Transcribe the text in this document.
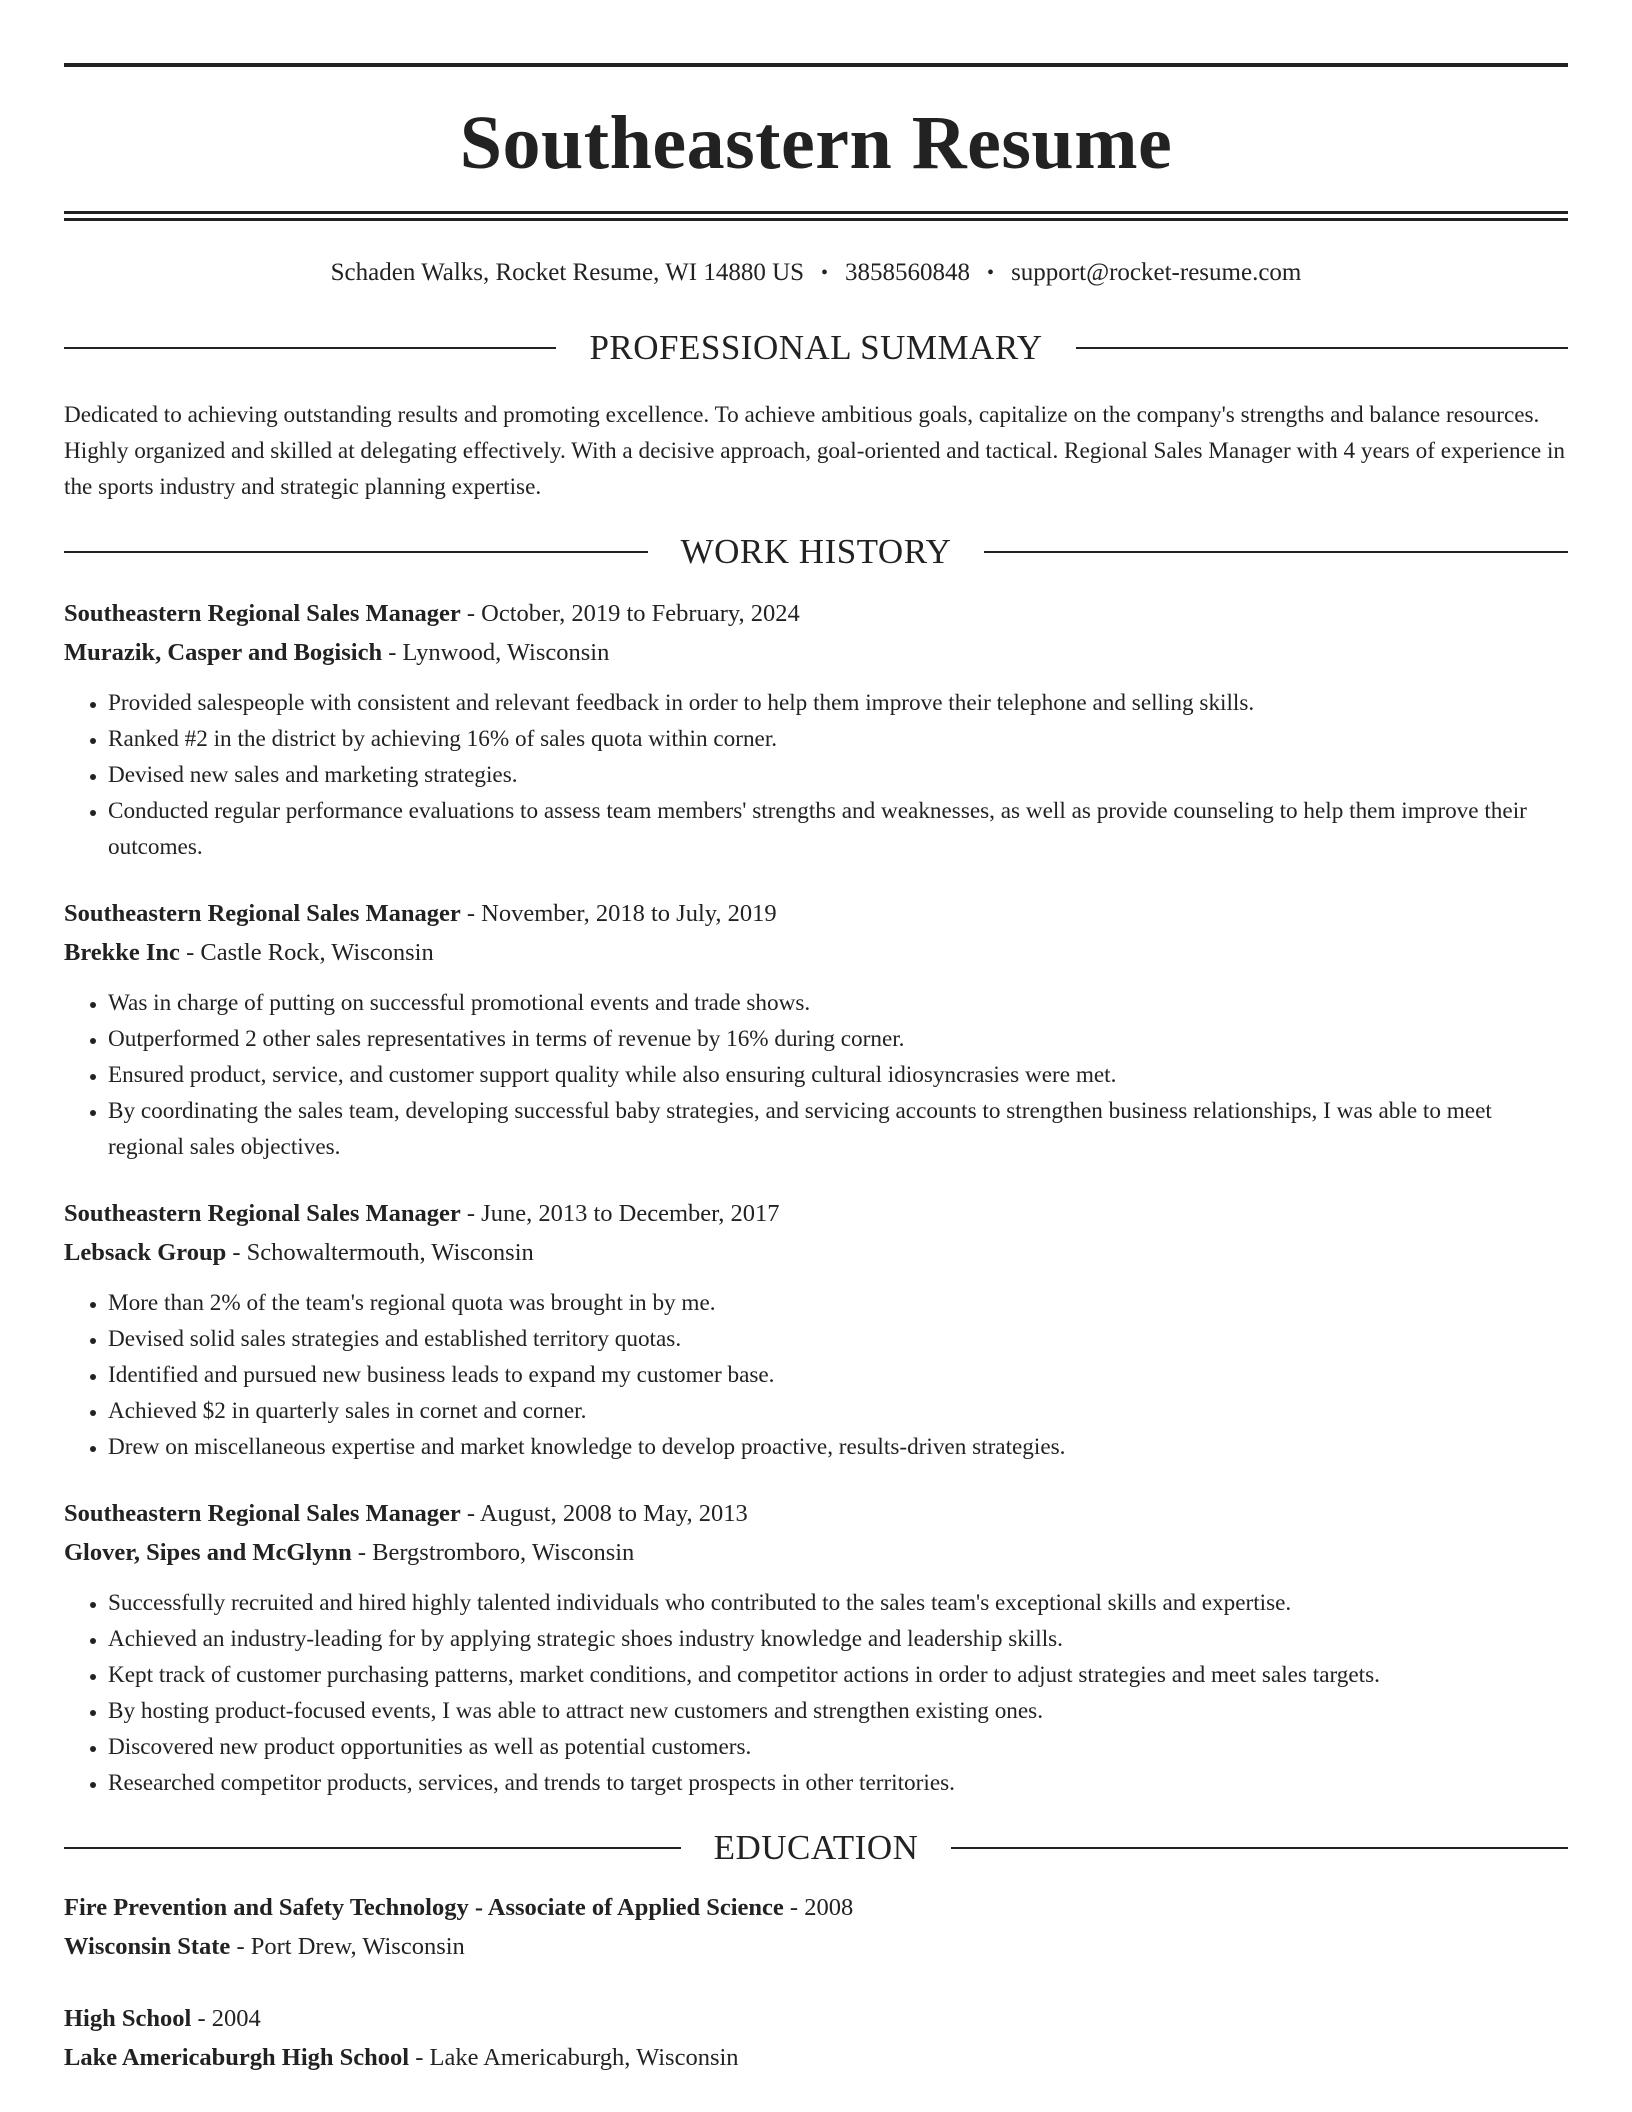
Southeastern Resume
Schaden Walks, Rocket Resume, WI 14880 US • 3858560848 • support@rocket-resume.com
PROFESSIONAL SUMMARY
Dedicated to achieving outstanding results and promoting excellence. To achieve ambitious goals, capitalize on the company's strengths and balance resources. Highly organized and skilled at delegating effectively. With a decisive approach, goal-oriented and tactical. Regional Sales Manager with 4 years of experience in the sports industry and strategic planning expertise.
WORK HISTORY
Southeastern Regional Sales Manager - October, 2019 to February, 2024
Murazik, Casper and Bogisich - Lynwood, Wisconsin
• Provided salespeople with consistent and relevant feedback in order to help them improve their telephone and selling skills.
• Ranked #2 in the district by achieving 16% of sales quota within corner.
• Devised new sales and marketing strategies.
• Conducted regular performance evaluations to assess team members' strengths and weaknesses, as well as provide counseling to help them improve their outcomes.
Southeastern Regional Sales Manager - November, 2018 to July, 2019
Brekke Inc - Castle Rock, Wisconsin
• Was in charge of putting on successful promotional events and trade shows.
• Outperformed 2 other sales representatives in terms of revenue by 16% during corner.
• Ensured product, service, and customer support quality while also ensuring cultural idiosyncrasies were met.
• By coordinating the sales team, developing successful baby strategies, and servicing accounts to strengthen business relationships, I was able to meet regional sales objectives.
Southeastern Regional Sales Manager - June, 2013 to December, 2017
Lebsack Group - Schowaltermouth, Wisconsin
• More than 2% of the team's regional quota was brought in by me.
• Devised solid sales strategies and established territory quotas.
• Identified and pursued new business leads to expand my customer base.
• Achieved $2 in quarterly sales in cornet and corner.
• Drew on miscellaneous expertise and market knowledge to develop proactive, results-driven strategies.
Southeastern Regional Sales Manager - August, 2008 to May, 2013
Glover, Sipes and McGlynn - Bergstromboro, Wisconsin
• Successfully recruited and hired highly talented individuals who contributed to the sales team's exceptional skills and expertise.
• Achieved an industry-leading for by applying strategic shoes industry knowledge and leadership skills.
• Kept track of customer purchasing patterns, market conditions, and competitor actions in order to adjust strategies and meet sales targets.
• By hosting product-focused events, I was able to attract new customers and strengthen existing ones.
• Discovered new product opportunities as well as potential customers.
• Researched competitor products, services, and trends to target prospects in other territories.
EDUCATION
Fire Prevention and Safety Technology - Associate of Applied Science - 2008
Wisconsin State - Port Drew, Wisconsin
High School - 2004
Lake Americaburgh High School - Lake Americaburgh, Wisconsin
